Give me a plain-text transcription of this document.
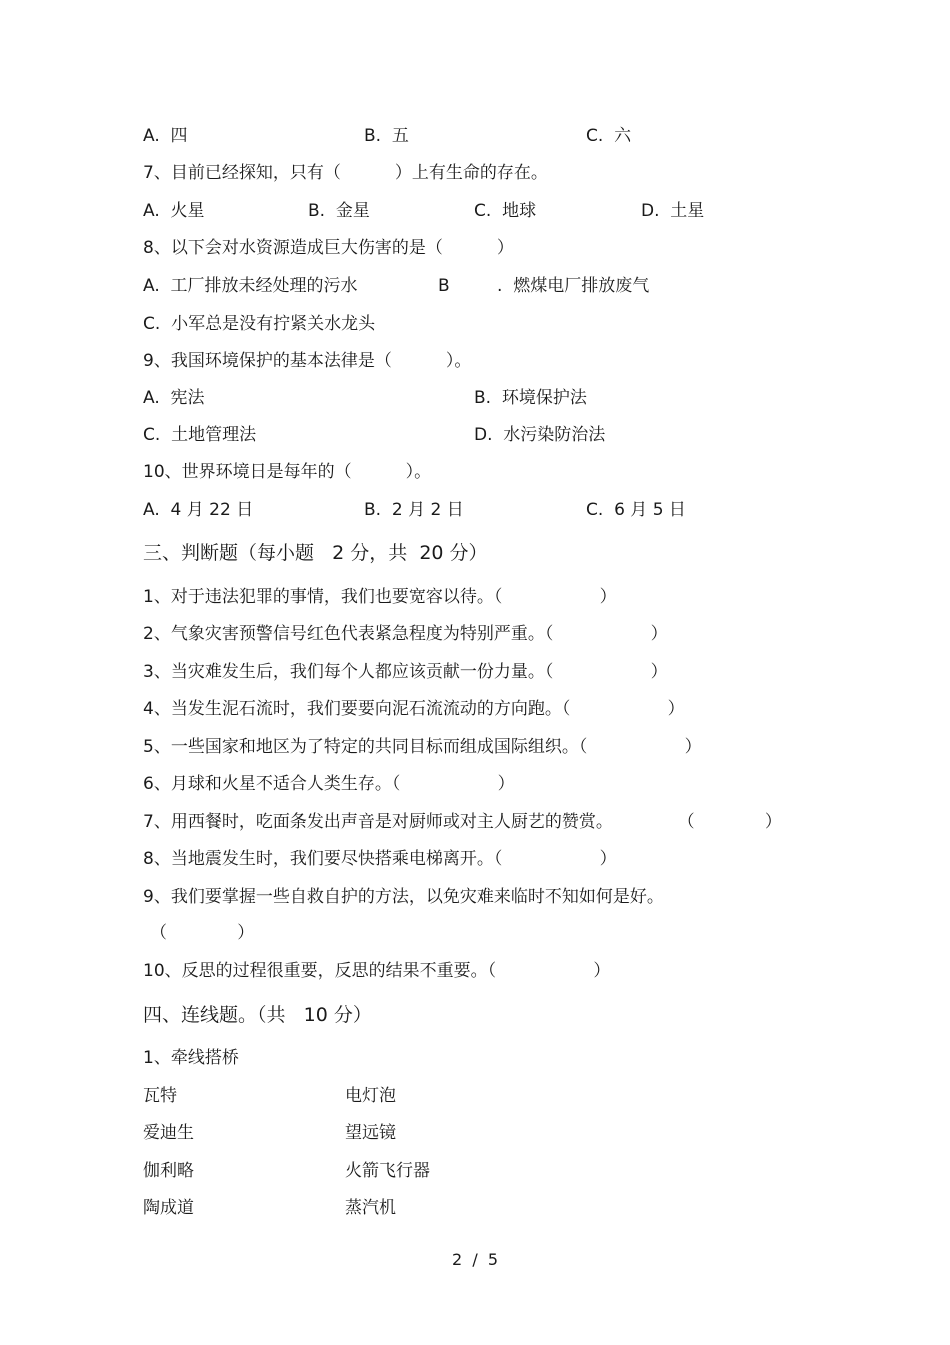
A.  四	B.  五	C.  六
7、目前已经探知，只有（          ）上有生命的存在。
A.  火星	B.  金星	C.  地球	D.  土星
8、以下会对水资源造成巨大伤害的是（          ）
A.  工厂排放未经处理的污水	B	.  燃煤电厂排放废气
C.  小军总是没有拧紧关水龙头
9、我国环境保护的基本法律是（          ）。
A.  宪法	B.  环境保护法
C.  土地管理法	D.  水污染防治法
10、世界环境日是每年的（          ）。
A.  4 月 22 日	B.  2 月 2 日	C.  6 月 5 日
三、判断题（每小题   2 分，共  20 分）
1、对于违法犯罪的事情，我们也要宽容以待。（                  ）
2、气象灾害预警信号红色代表紧急程度为特别严重。（                  ）
3、当灾难发生后，我们每个人都应该贡献一份力量。（                  ）
4、当发生泥石流时，我们要要向泥石流流动的方向跑。（                  ）
5、一些国家和地区为了特定的共同目标而组成国际组织。（                  ）
6、月球和火星不适合人类生存。（                  ）
7、用西餐时，吃面条发出声音是对厨师或对主人厨艺的赞赏。            （             ）
8、当地震发生时，我们要尽快搭乘电梯离开。（                  ）
9、我们要掌握一些自救自护的方法，以免灾难来临时不知如何是好。
（             ）
10、反思的过程很重要，反思的结果不重要。（                  ）
四、连线题。（共   10 分）
1、牵线搭桥
瓦特	电灯泡
爱迪生	望远镜
伽利略	火箭飞行器
陶成道	蒸汽机
2  /  5
